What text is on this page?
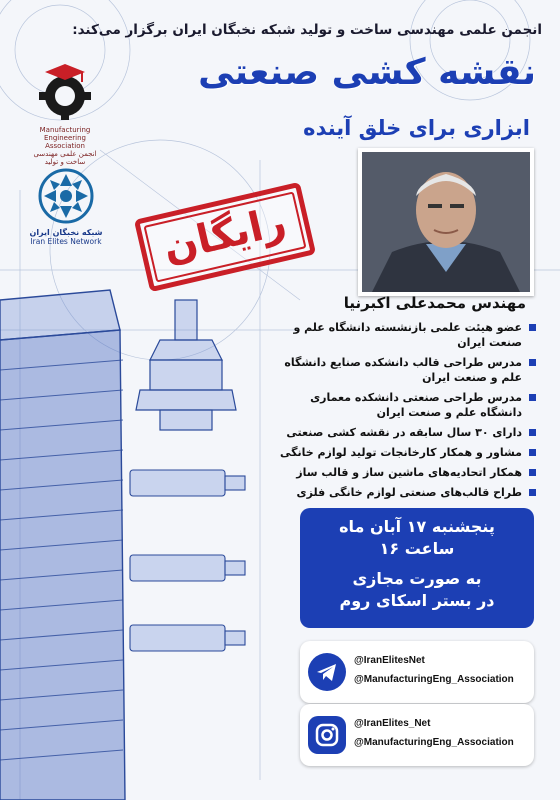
انجمن علمی مهندسی ساخت و تولید شبکه نخبگان ایران برگزار می‌کند:
نقشه کشی صنعتی
ابزاری برای خلق آینده
Manufacturing Engineering Association
انجمن علمی مهندسی ساخت و تولید
شبکه نخبگان ایران
Iran Elites Network	رایگان
مهندس محمدعلی اکبرنیا
عضو هیئت علمی بازنشسته دانشگاه علم و صنعت ایران
مدرس طراحی قالب دانشکده صنایع دانشگاه علم و صنعت ایران
مدرس طراحی صنعتی دانشکده معماری دانشگاه علم و صنعت ایران
دارای ۳۰ سال سابقه در نقشه کشی صنعتی
مشاور و همکار کارخانجات تولید لوازم خانگی
همکار اتحادیه‌های ماشین ساز و قالب ساز
طراح قالب‌های صنعتی لوازم خانگی فلزی
پنجشنبه ۱۷ آبان ماه
ساعت ۱۶
به صورت مجازی
در بستر اسکای روم
@IranElitesNet
@ManufacturingEng_Association
@IranElites_Net
@ManufacturingEng_Association
